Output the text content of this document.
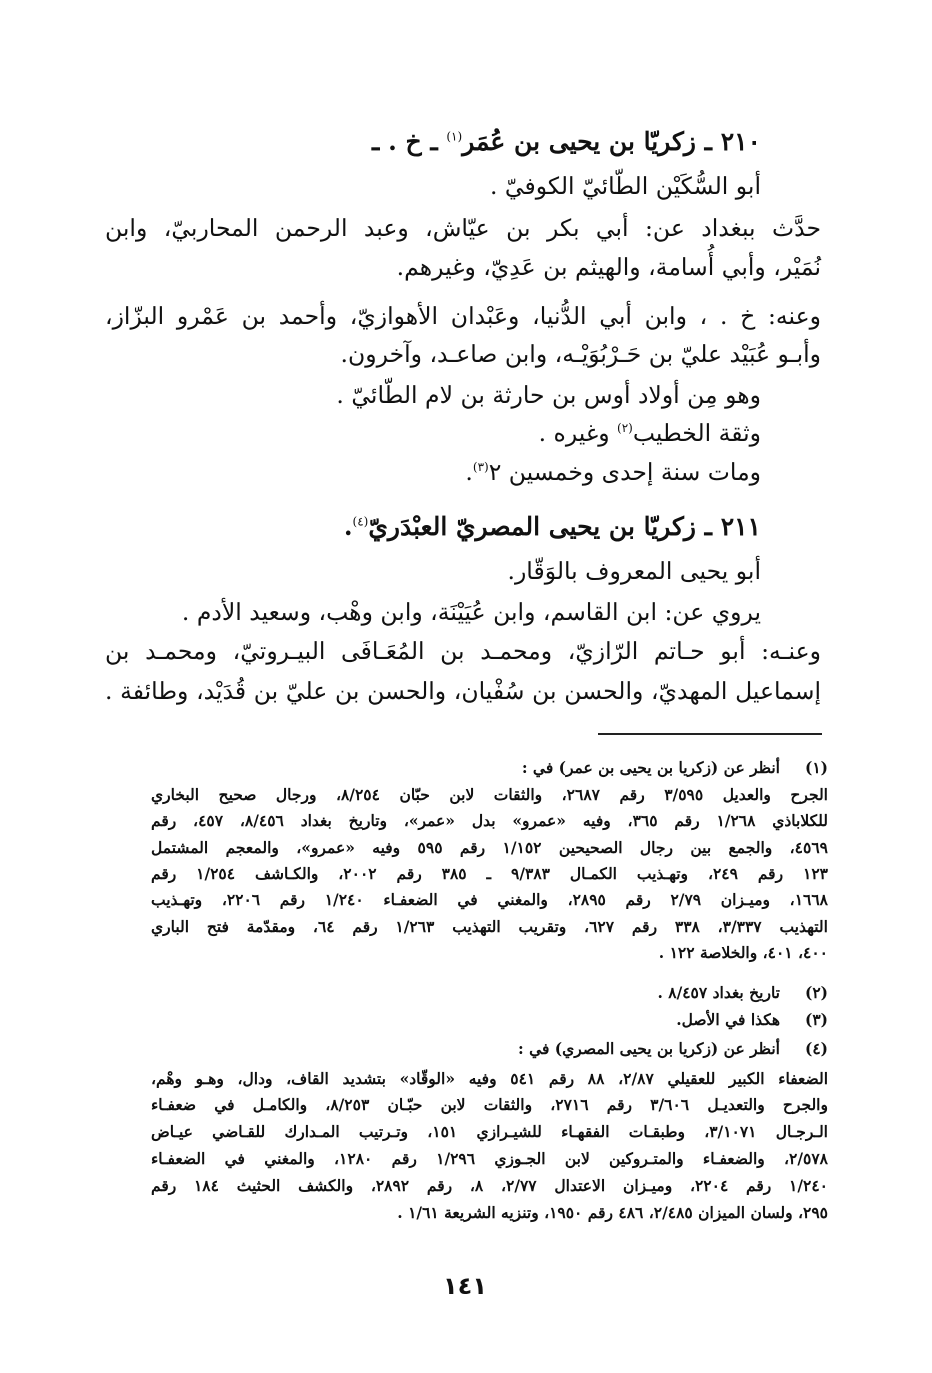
٢١٠ ـ زكريّا بن يحيى بن عُمَر$^{(١)}$ ـ خ . ـ
أبو السُّكَيْن الطّائيّ الكوفيّ .
حدَّث ببغداد عن: أبي بكر بن عيّاش، وعبد الرحمن المحاربيّ، وابن
نُمَيْر، وأبي أُسامة، والهيثم بن عَدِيّ، وغيرهم.
وعنه: خ . ، وابن أبي الدُّنيا، وعَبْدان الأهوازيّ، وأحمد بن عَمْرو البزّاز،
وأبـو عُبَيْد عليّ بن حَـرْبُوَيْـه، وابن صاعـد، وآخرون.
وهو مِن أولاد أوس بن حارثة بن لام الطّائيّ .
وثقة الخطيب$^{(٢)}$ وغيره .
ومات سنة إحدى وخمسين ٢$^{(٣)}$.
٢١١ ـ زكريّا بن يحيى المصريّ العبْدَريّ$^{(٤)}$.
أبو يحيى المعروف بالوَقّار.
يروي عن: ابن القاسم، وابن عُيَيْنَة، وابن وهْب، وسعيد الأدم .
وعنـه: أبو حـاتم الرّازيّ، ومحمـد بن المُعَـافَى البيـروتيّ، ومحمـد بن
إسماعيل المهديّ، والحسن بن سُفْيان، والحسن بن عليّ بن قُدَيْد، وطائفة .
(١)
أنظر عن (زكريا بن يحيى بن عمر) في :
الجرح والعديل ٣/٥٩٥ رقم ٢٦٨٧، والثقات لابن حبّان ٨/٢٥٤، ورجال صحيح البخاري
للكلاباذي ١/٢٦٨ رقم ٣٦٥، وفيه «عمرو» بدل «عمر»، وتاريخ بغداد ٨/٤٥٦، ٤٥٧، رقم
٤٥٦٩، والجمع بين رجال الصحيحين ١/١٥٢ رقم ٥٩٥ وفيه «عمرو»، والمعجم المشتمل
١٢٣ رقم ٢٤٩، وتهـذيب الكمـال ٩/٣٨٣ ـ ٣٨٥ رقم ٢٠٠٢، والكـاشف ١/٢٥٤ رقم
١٦٦٨، وميـزان ٢/٧٩ رقم ٢٨٩٥، والمغني في الضعفـاء ١/٢٤٠ رقم ٢٢٠٦، وتهـذيب
التهذيب ٣/٣٣٧، ٣٣٨ رقم ٦٢٧، وتقريب التهذيب ١/٢٦٣ رقم ٦٤، ومقدّمة فتح الباري
٤٠٠، ٤٠١، والخلاصة ١٢٢ .
(٢)
تاريخ بغداد ٨/٤٥٧ .
(٣)
هكذا في الأصل.
(٤)
أنظر عن (زكريا بن يحيى المصري) في :
الضعفاء الكبير للعقيلي ٢/٨٧، ٨٨ رقم ٥٤١ وفيه «الوقّاد» بتشديد القاف، ودال، وهـو وهْم،
والجرح والتعديـل ٣/٦٠٦ رقم ٢٧١٦، والثقات لابن حبّـان ٨/٢٥٣، والكامـل في ضعفـاء
الـرجـال ٣/١٠٧١، وطبقـات الفقهـاء للشيـرازي ١٥١، وتـرتيب المـدارك للقـاضي عيـاض
٢/٥٧٨، والضعفـاء والمتـروكين لابن الجـوزي ١/٢٩٦ رقم ١٢٨٠، والمغني في الضعفـاء
١/٢٤٠ رقم ٢٢٠٤، وميـزان الاعتدال ٢/٧٧، ٨، رقم ٢٨٩٢، والكشف الحثيث ١٨٤ رقم
٢٩٥، ولسان الميزان ٢/٤٨٥، ٤٨٦ رقم ١٩٥٠، وتنزيه الشريعة ١/٦١ .
١٤١
